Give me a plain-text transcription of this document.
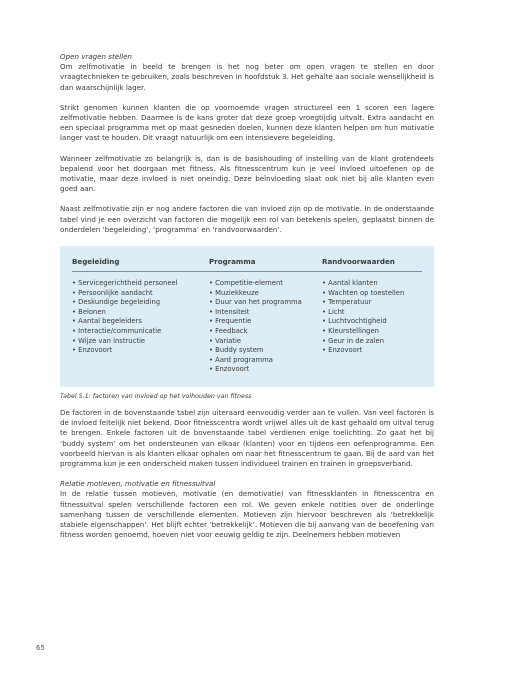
Open vragen stellen

Om zelfmotivatie in beeld te brengen is het nog beter om open vragen te stellen en door vraagtechnieken te gebruiken, zoals beschreven in hoofdstuk 3. Het gehalte aan sociale wenselijkheid is dan waarschijnlijk lager.

Strikt genomen kunnen klanten die op voornoemde vragen structureel een 1 scoren een lagere zelfmotivatie hebben. Daarmee is de kans groter dat deze groep vroegtijdig uitvalt. Extra aandacht en een speciaal programma met op maat gesneden doelen, kunnen deze klanten helpen om hun motivatie langer vast te houden. Dit vraagt natuurlijk om een intensievere begeleiding.

Wanneer zelfmotivatie zo belangrijk is, dan is de basishouding of instelling van de klant grotendeels bepalend voor het doorgaan met fitness. Als fitnesscentrum kun je veel invloed uitoefenen op de motivatie, maar deze invloed is niet oneindig. Deze beïnvloeding slaat ook niet bij alle klanten even goed aan.

Naast zelfmotivatie zijn er nog andere factoren die van invloed zijn op de motivatie. In de onderstaande tabel vind je een overzicht van factoren die mogelijk een rol van betekenis spelen, geplaatst binnen de onderdelen ‘begeleiding’, ‘programma’ en ‘randvoorwaarden’.

Begeleiding
• Servicegerichtheid personeel
• Persoonlijke aandacht
• Deskundige begeleiding
• Belonen
• Aantal begeleiders
• Interactie/communicatie
• Wijze van instructie
• Enzovoort
Programma
• Competitie-element
• Muziekkeuze
• Duur van het programma
• Intensiteit
• Frequentie
• Feedback
• Variatie
• Buddy system
• Aard programma
• Enzovoort
Randvoorwaarden
• Aantal klanten
• Wachten op toestellen
• Temperatuur
• Licht
• Luchtvochtigheid
• Kleurstellingen
• Geur in de zalen
• Enzovoort

Tabel 5.1: factoren van invloed op het volhouden van fitness

De factoren in de bovenstaande tabel zijn uiteraard eenvoudig verder aan te vullen. Van veel factoren is de invloed feitelijk niet bekend. Door fitnesscentra wordt vrijwel alles uit de kast gehaald om uitval terug te brengen. Enkele factoren uit de bovenstaande tabel verdienen enige toelichting. Zo gaat het bij ‘buddy system’ om het ondersteunen van elkaar (klanten) voor en tijdens een oefenprogramma. Een voorbeeld hiervan is als klanten elkaar ophalen om naar het fitnesscentrum te gaan. Bij de aard van het programma kun je een onderscheid maken tussen individueel trainen en trainen in groepsverband.

Relatie motieven, motivatie en fitnessuitval

In de relatie tussen motieven, motivatie (en demotivatie) van fitnessklanten in fitnesscentra en fitnessuitval spelen verschillende factoren een rol. We geven enkele notities over de onderlinge samenhang tussen de verschillende elementen. Motieven zijn hiervoor beschreven als ‘betrekkelijk stabiele eigenschappen’. Het blijft echter ‘betrekkelijk’. Motieven die bij aanvang van de beoefening van fitness worden genoemd, hoeven niet voor eeuwig geldig te zijn. Deelnemers hebben motieven

65
